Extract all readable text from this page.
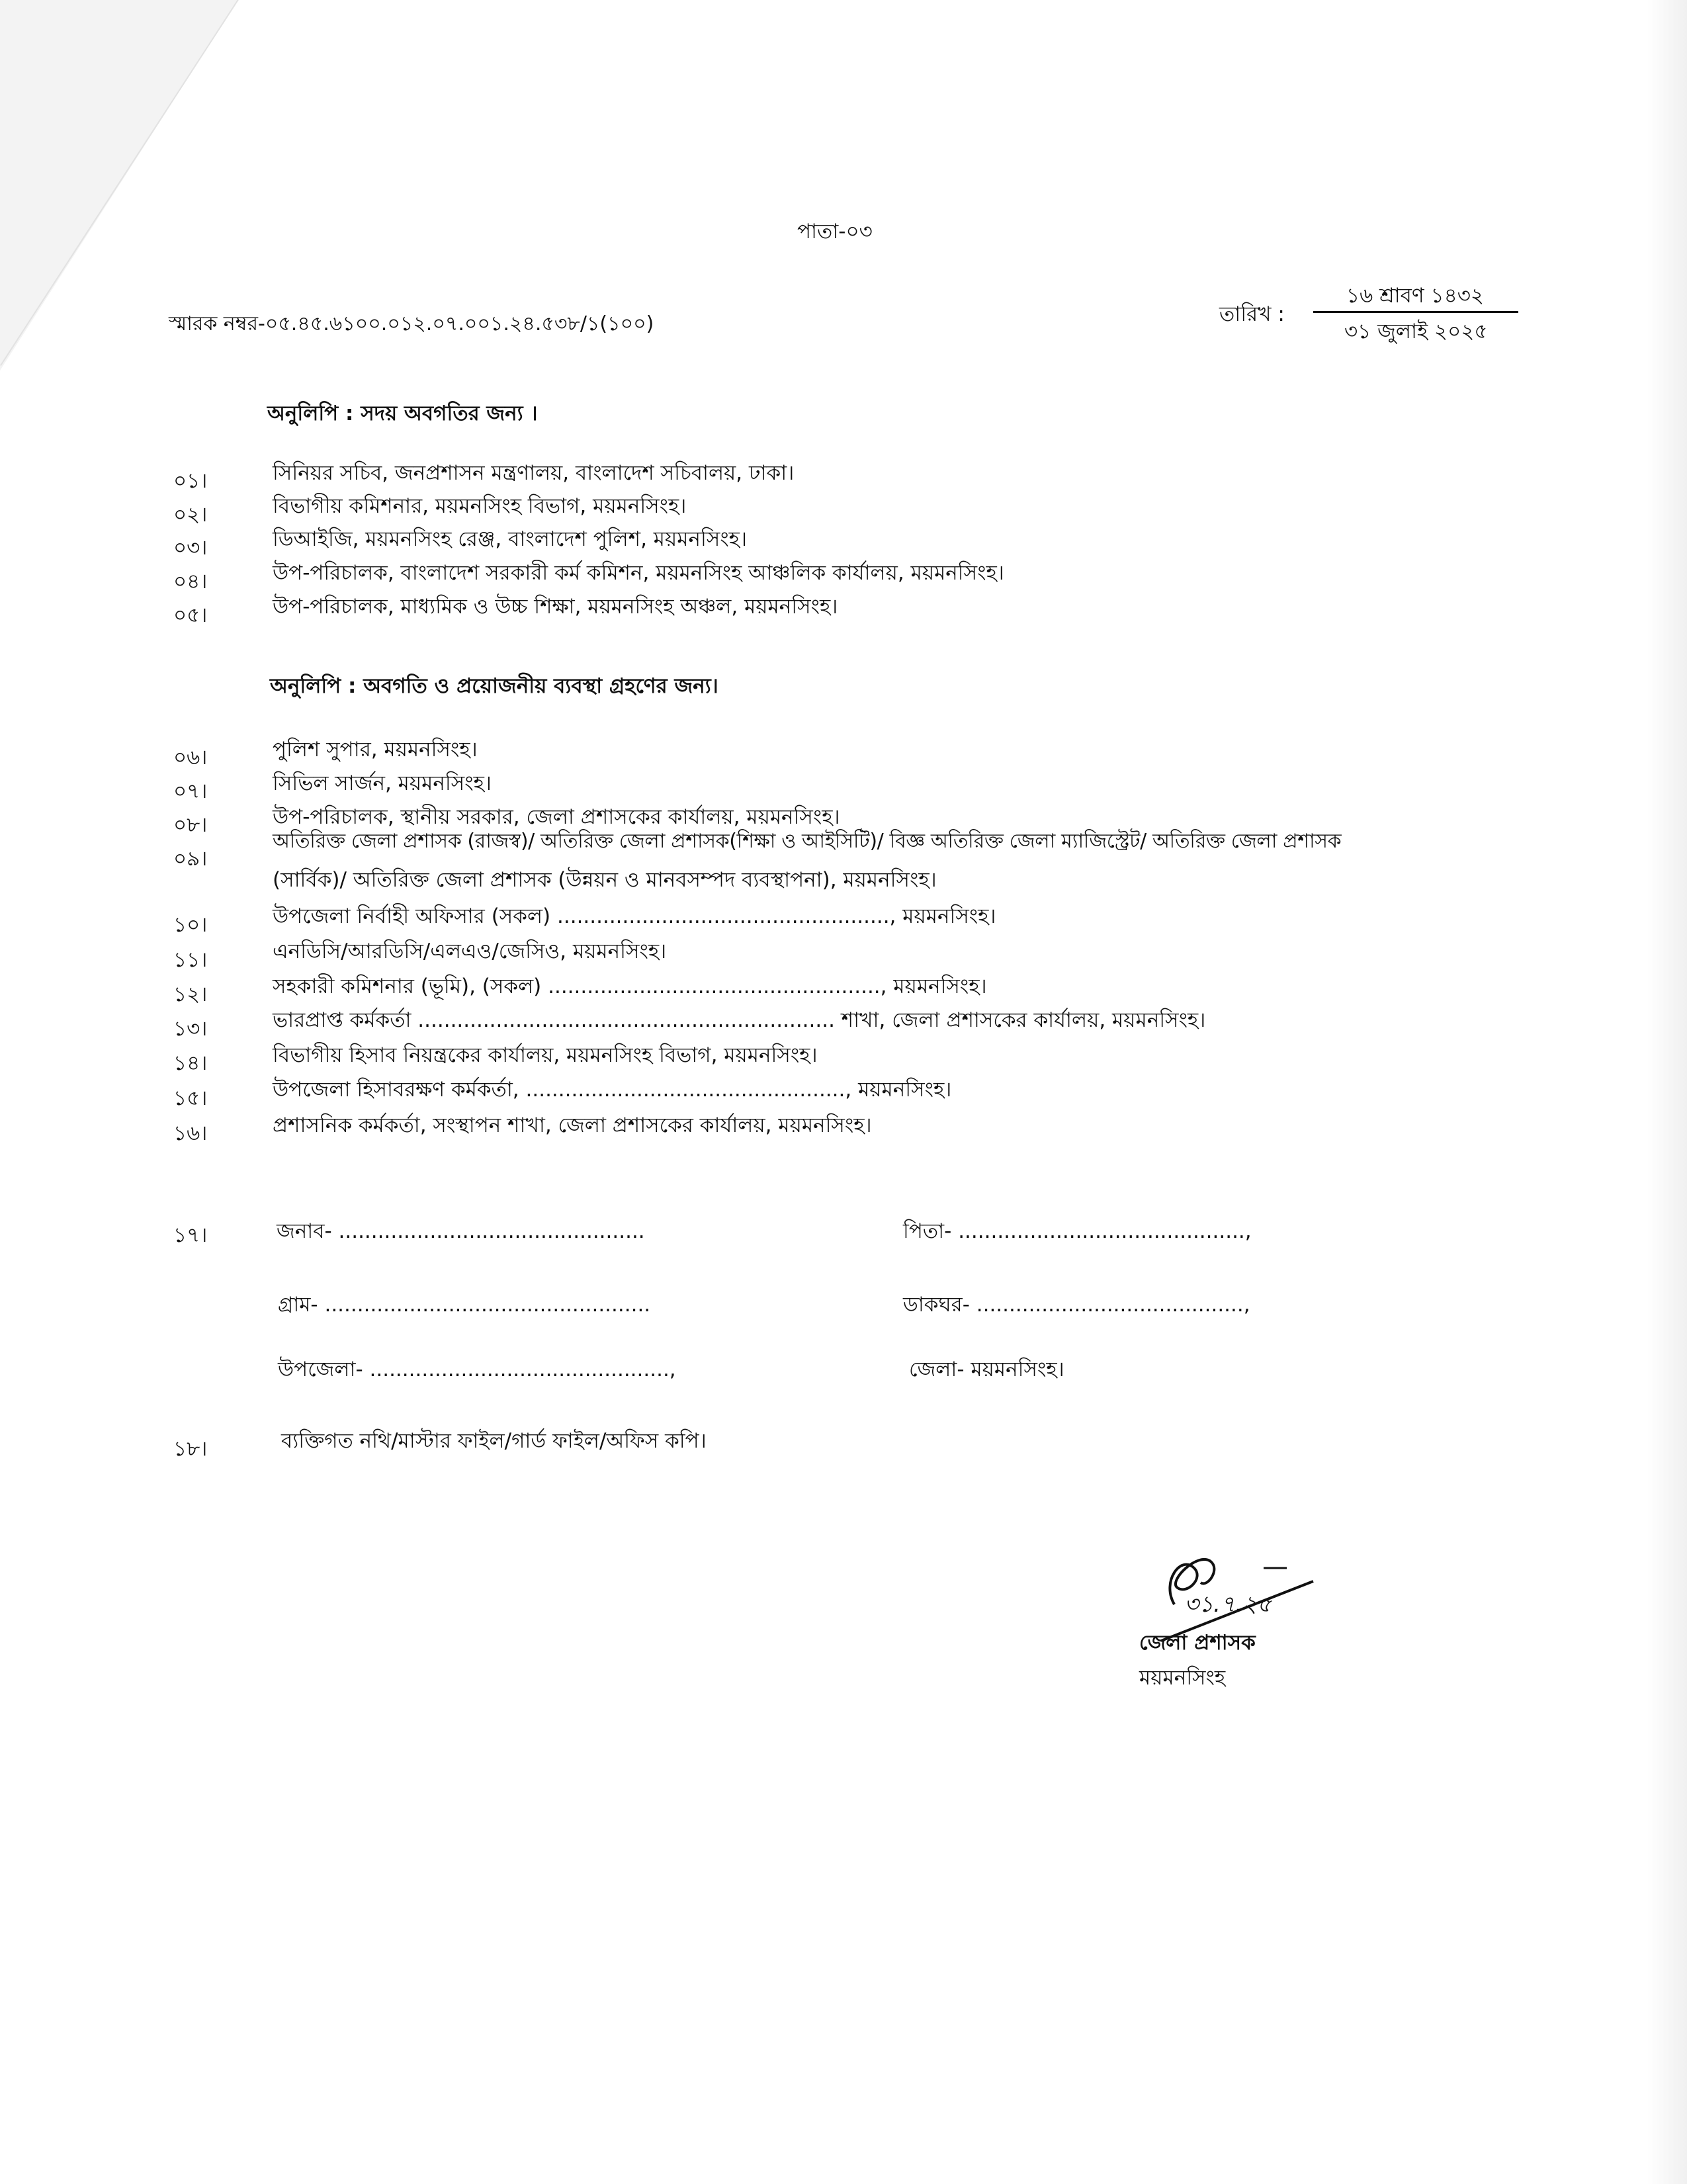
পাতা-০৩
স্মারক নম্বর-০৫.৪৫.৬১০০.০১২.০৭.০০১.২৪.৫৩৮/১(১০০)	তারিখ :
১৬ শ্রাবণ ১৪৩২
৩১ জুলাই ২০২৫
অনুলিপি : সদয় অবগতির জন্য ।
০১।	সিনিয়র সচিব, জনপ্রশাসন মন্ত্রণালয়, বাংলাদেশ সচিবালয়, ঢাকা।
০২।	বিভাগীয় কমিশনার, ময়মনসিংহ বিভাগ, ময়মনসিংহ।
০৩।	ডিআইজি, ময়মনসিংহ রেঞ্জ, বাংলাদেশ পুলিশ, ময়মনসিংহ।
০৪।	উপ-পরিচালক, বাংলাদেশ সরকারী কর্ম কমিশন, ময়মনসিংহ আঞ্চলিক কার্যালয়, ময়মনসিংহ।
০৫।	উপ-পরিচালক, মাধ্যমিক ও উচ্চ শিক্ষা, ময়মনসিংহ অঞ্চল, ময়মনসিংহ।
অনুলিপি : অবগতি ও প্রয়োজনীয় ব্যবস্থা গ্রহণের জন্য।
০৬।	পুলিশ সুপার, ময়মনসিংহ।
০৭।	সিভিল সার্জন, ময়মনসিংহ।
০৮।	উপ-পরিচালক, স্থানীয় সরকার, জেলা প্রশাসকের কার্যালয়, ময়মনসিংহ।
০৯।
অতিরিক্ত জেলা প্রশাসক (রাজস্ব)/ অতিরিক্ত জেলা প্রশাসক(শিক্ষা ও আইসিটি)/ বিজ্ঞ অতিরিক্ত জেলা ম্যাজিস্ট্রেট/ অতিরিক্ত জেলা প্রশাসক
(সার্বিক)/ অতিরিক্ত জেলা প্রশাসক (উন্নয়ন ও মানবসম্পদ ব্যবস্থাপনা), ময়মনসিংহ।
১০।	উপজেলা নির্বাহী অফিসার (সকল) ..................................................., ময়মনসিংহ।
১১।	এনডিসি/আরডিসি/এলএও/জেসিও, ময়মনসিংহ।
১২।	সহকারী কমিশনার (ভূমি), (সকল) ..................................................., ময়মনসিংহ।
১৩।	ভারপ্রাপ্ত কর্মকর্তা ................................................................ শাখা, জেলা প্রশাসকের কার্যালয়, ময়মনসিংহ।
১৪।	বিভাগীয় হিসাব নিয়ন্ত্রকের কার্যালয়, ময়মনসিংহ বিভাগ, ময়মনসিংহ।
১৫।	উপজেলা হিসাবরক্ষণ কর্মকর্তা, ................................................., ময়মনসিংহ।
১৬।	প্রশাসনিক কর্মকর্তা, সংস্থাপন শাখা, জেলা প্রশাসকের কার্যালয়, ময়মনসিংহ।
১৭।	জনাব- ...............................................	পিতা- ............................................,
গ্রাম- ..................................................	ডাকঘর- .........................................,
উপজেলা- ..............................................,	জেলা- ময়মনসিংহ।
১৮।	ব্যক্তিগত নথি/মাস্টার ফাইল/গার্ড ফাইল/অফিস কপি।
৩১.৭.২৫
জেলা প্রশাসক
ময়মনসিংহ
